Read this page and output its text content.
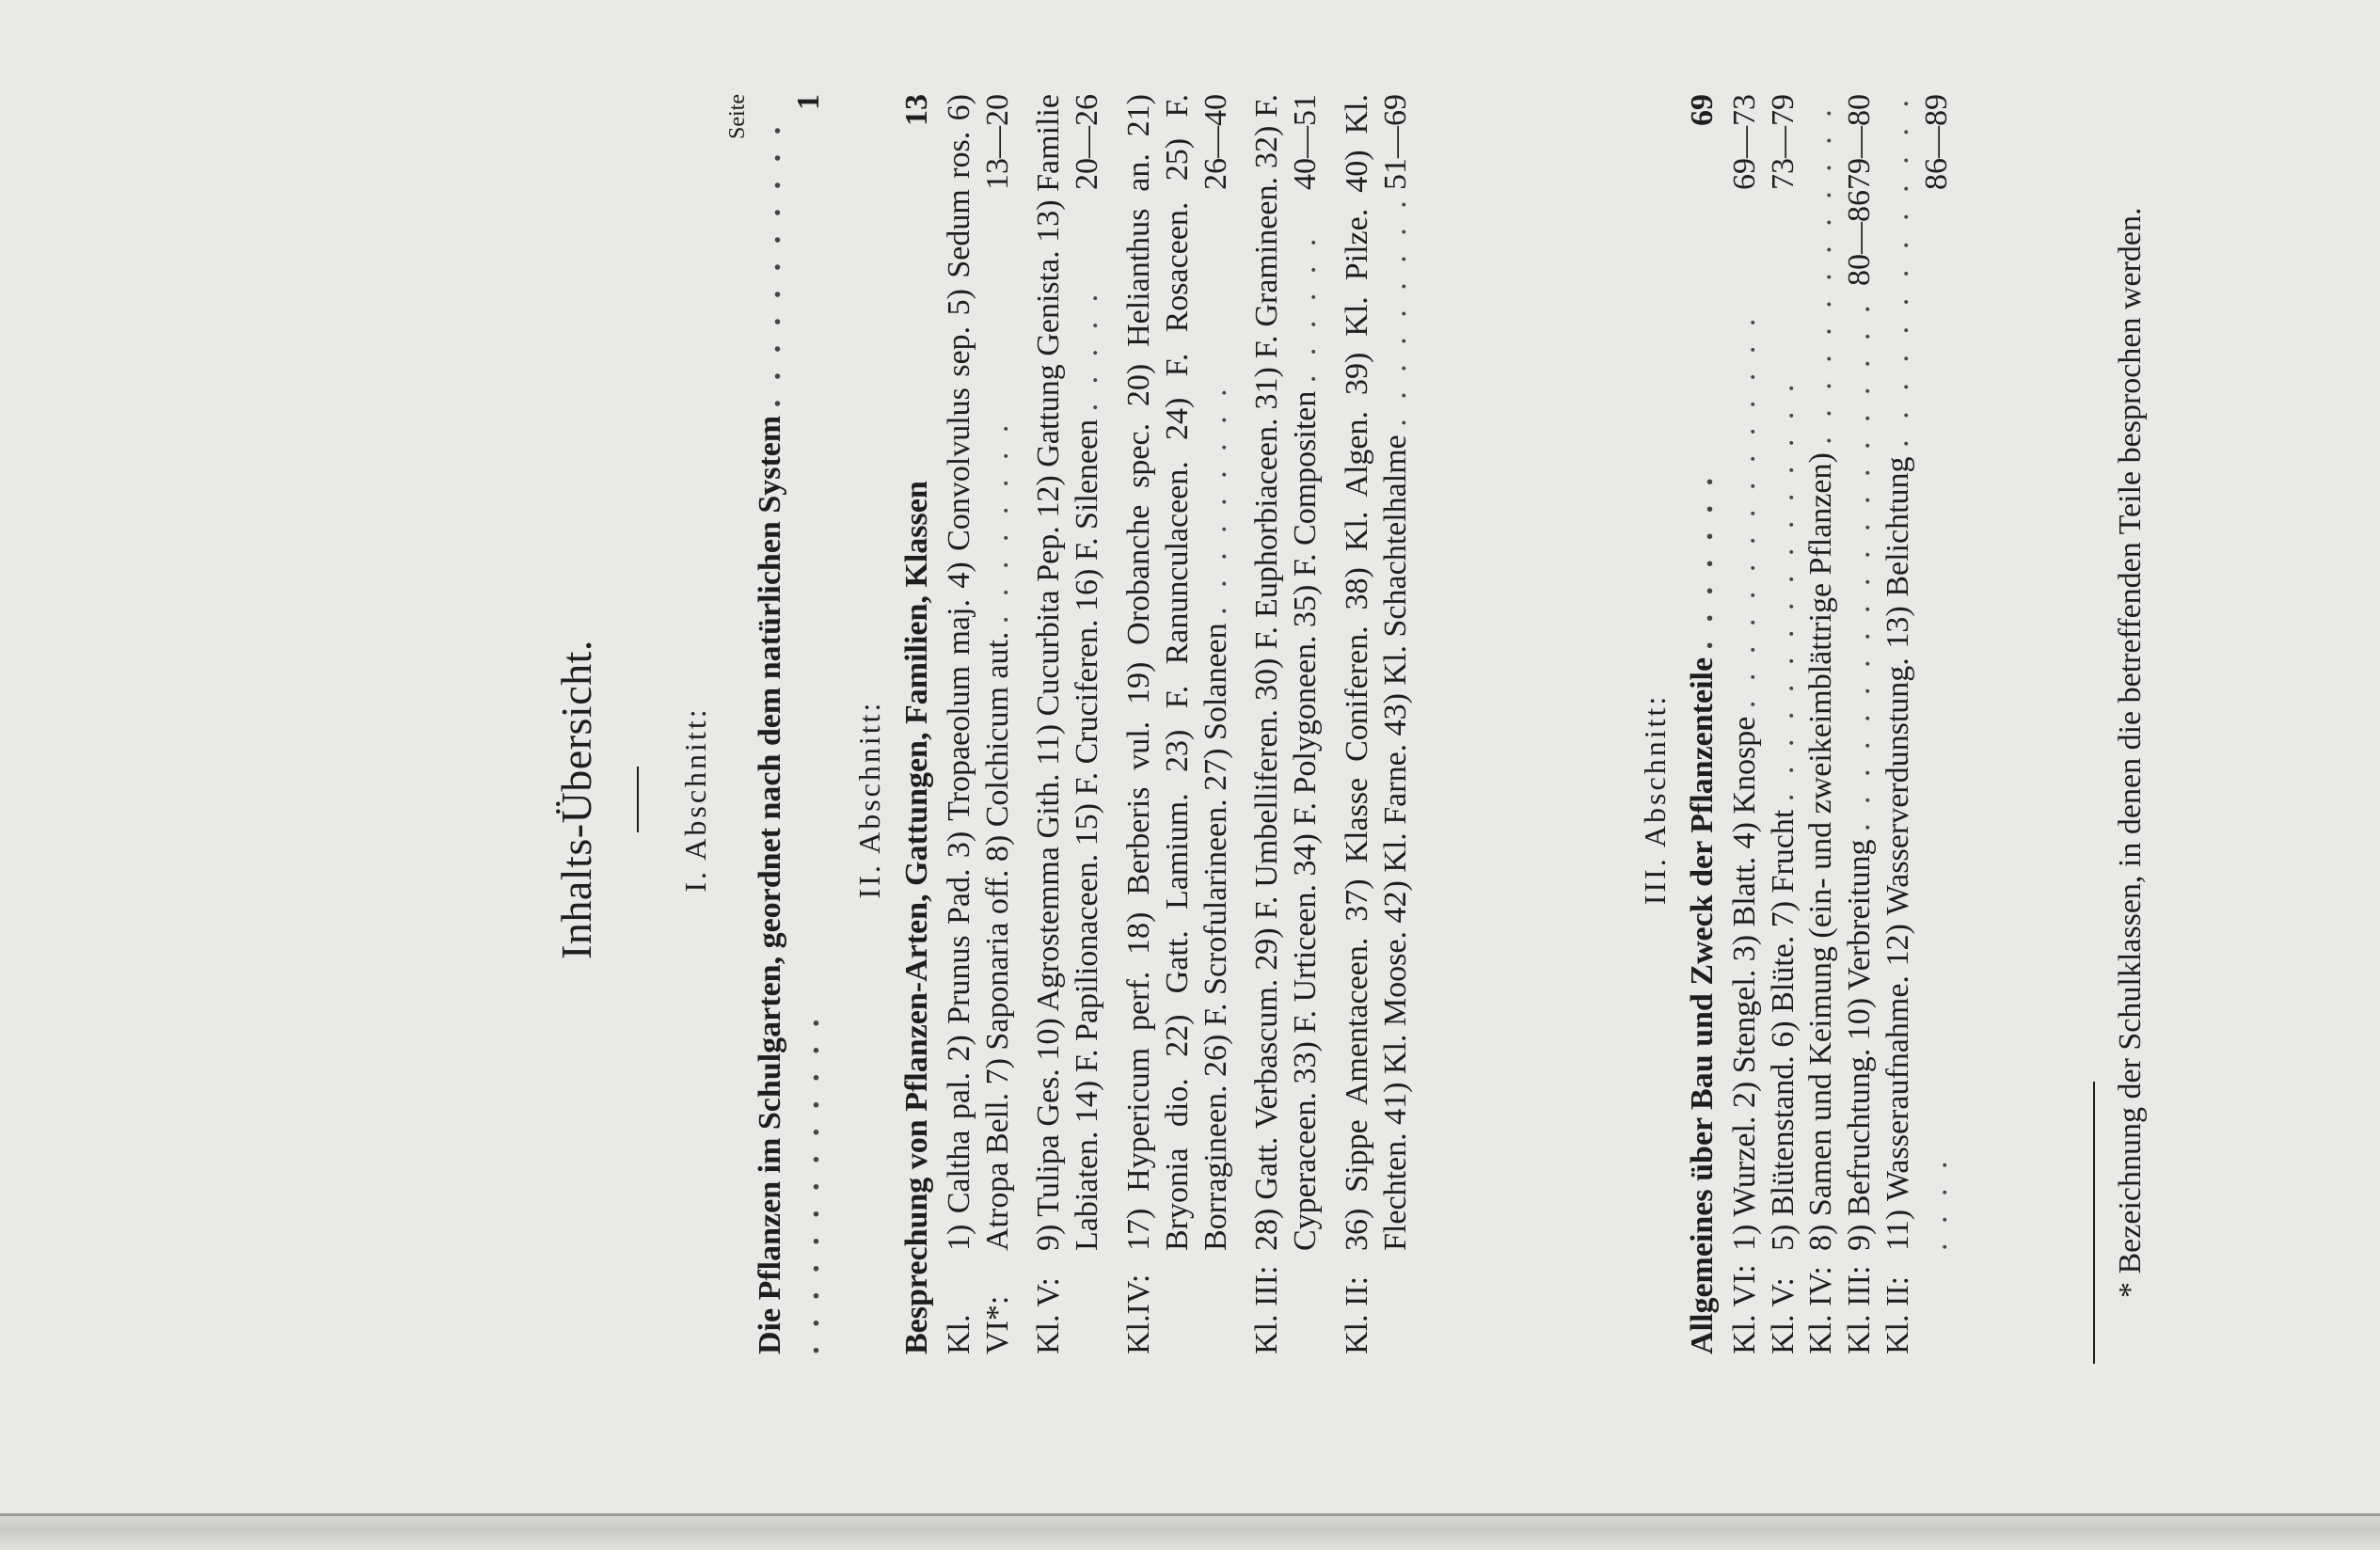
Inhalts-Übersicht.	I. Abschnitt:
Seite
Die Pflanzen im Schulgarten, geordnet nach dem natürlichen System . . . . . . . . . . . . . . . . . . . . . . . .
1
II. Abschnitt: Besprechung von Pflanzen-Arten, Gattungen, Familien, Klassen
13
Kl. VI*:
1) Caltha pal. 2) Prunus Pad. 3) Tropaeolum maj. 4) Convolvulus sep. 5) Sedum ros. 6) Atropa Bell. 7) Saponaria off. 8) Colchicum aut. . . . . . . . .
13—20
Kl. V:
9) Tulipa Ges. 10) Agrostemma Gith. 11) Cucurbita Pep. 12) Gattung Genista. 13) Familie Labiaten. 14) F. Papilionaceen. 15) F. Cruciferen. 16) F. Sileneen . . . . .
20—26
Kl.IV:
17) Hypericum perf. 18) Berberis vul. 19) Orobanche spec. 20) Helianthus an. 21) Bryonia dio. 22) Gatt. Lamium. 23) F. Ranunculaceen. 24) F. Rosaceen. 25) F. Borragineen. 26) F. Scrofularineen. 27) Solaneen . . . . . . . . .
26—40
Kl. III:
28) Gatt. Verbascum. 29) F. Umbelliferen. 30) F. Euphorbiaceen. 31) F. Gramineen. 32) F. Cyperaceen. 33) F. Urticeen. 34) F. Polygoneen. 35) F. Compositen . . . . . .
40—51
Kl. II:
36) Sippe Amentaceen. 37) Klasse Coniferen. 38) Kl. Algen. 39) Kl. Pilze. 40) Kl. Flechten. 41) Kl. Moose. 42) Kl. Farne. 43) Kl. Schachtelhalme . . . . . . . . .
51—69
III. Abschnitt: Allgemeines über Bau und Zweck der Pflanzenteile . . . . . . .
69
Kl. VI:
1) Wurzel. 2) Stengel. 3) Blatt. 4) Knospe . . . . . . . . . . . . . . .
69—73
Kl. V:
5) Blütenstand. 6) Blüte. 7) Frucht . . . . . . . . . . . . . . . .
73—79
Kl. IV:
8) Samen und Keimung (ein- und zweikeimblättrige Pflanzen) . . . . . . . . . . . . . 79—80
Kl. III:
9) Befruchtung. 10) Verbreitung . . . . . . . . . . . . . . . . . . . .
80—86
Kl. II:
11) Wasseraufnahme. 12) Wasserverdunstung. 13) Belichtung . . . . . . . . . . . . . . . . .
86—89
* Bezeichnung der Schulklassen, in denen die betreffenden Teile besprochen werden.
